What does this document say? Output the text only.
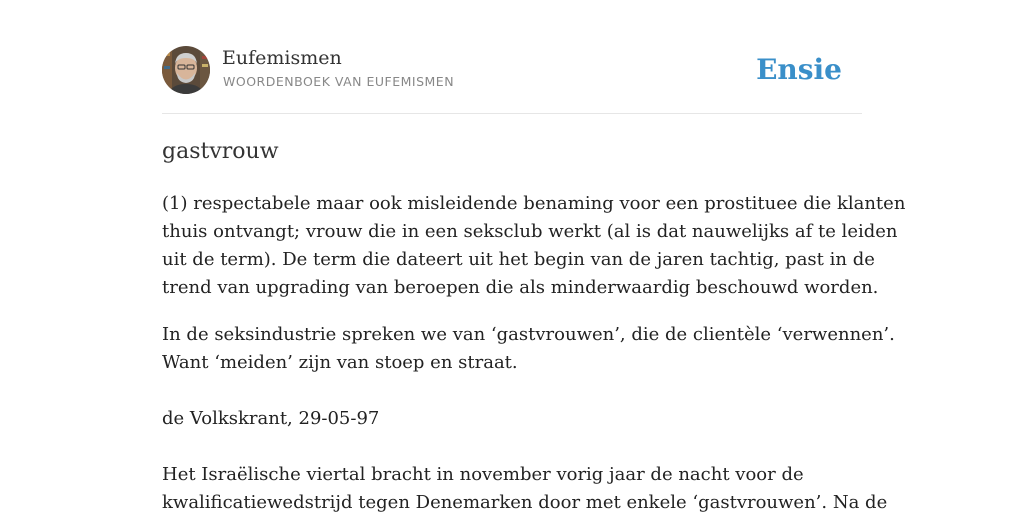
Eufemismen
WOORDENBOEK VAN EUFEMISMEN	Ensie
gastvrouw
(1) respectabele maar ook misleidende benaming voor een prostituee die klanten
thuis ontvangt; vrouw die in een seksclub werkt (al is dat nauwelijks af te leiden
uit de term). De term die dateert uit het begin van de jaren tachtig, past in de
trend van upgrading van beroepen die als minderwaardig beschouwd worden.
In de seksindustrie spreken we van ‘gastvrouwen’, die de clientèle ‘verwennen’.
Want ‘meiden’ zijn van stoep en straat.
de Volkskrant, 29-05-97
Het Israëlische viertal bracht in november vorig jaar de nacht voor de
kwalificatiewedstrijd tegen Denemarken door met enkele ‘gastvrouwen’. Na de
